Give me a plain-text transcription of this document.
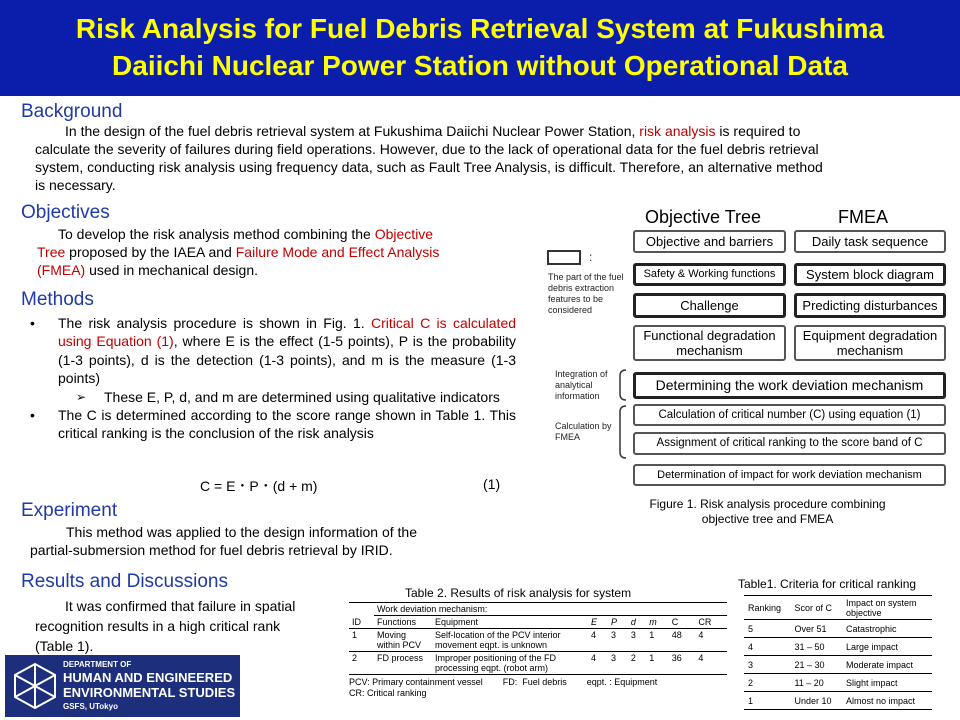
Risk Analysis for Fuel Debris Retrieval System at Fukushima
Daiichi Nuclear Power Station without Operational Data
Background
In the design of the fuel debris retrieval system at Fukushima Daiichi Nuclear Power Station, risk analysis is required to
calculate the severity of failures during field operations. However, due to the lack of operational data for the fuel debris retrieval
system, conducting risk analysis using frequency data, such as Fault Tree Analysis, is difficult. Therefore, an alternative method
is necessary.
Objectives
To develop the risk analysis method combining the Objective
Tree proposed by the IAEA and Failure Mode and Effect Analysis
(FMEA) used in mechanical design.
Methods
• The risk analysis procedure is shown in Fig. 1. Critical C is calculated using Equation (1), where E is the effect (1-5 points), P is the probability (1-3 points), d is the detection (1-3 points), and m is the measure (1-3 points)
➢ These E, P, d, and m are determined using qualitative indicators
• The C is determined according to the score range shown in Table 1. This critical ranking is the conclusion of the risk analysis
C = E・P・(d + m)	(1)
Experiment
This method was applied to the design information of the
partial-submersion method for fuel debris retrieval by IRID.
Results and Discussions
It was confirmed that failure in spatial
recognition results in a high critical rank
(Table 1).
DEPARTMENT OF
HUMAN AND ENGINEERED
ENVIRONMENTAL STUDIES
GSFS, UTokyo
Objective Tree	FMEA
:
The part of the fuel debris extraction features to be considered
Objective and barriers
Safety & Working functions
Challenge
Functional degradation mechanism
Daily task sequence
System block diagram
Predicting disturbances
Equipment degradation mechanism
Integration of analytical information
Calculation by FMEA
Determining the work deviation mechanism
Calculation of critical number (C) using equation (1)
Assignment of critical ranking to the score band of C
Determination of impact for work deviation mechanism
Figure 1. Risk analysis procedure combining
objective tree and FMEA
Table 2. Results of risk analysis for system
	Work deviation mechanism:							
ID	Functions	Equipment	E	P	d	m	C	CR
1	Moving within PCV	Self-location of the PCV interior movement eqpt. is unknown	4	3	3	1	48	4
2	FD process	Improper positioning of the FD processing eqpt. (robot arm)	4	3	2	1	36	4
PCV: Primary containment vessel        FD:  Fuel debris        eqpt. : Equipment
CR: Critical ranking
Table1. Criteria for critical ranking
Ranking	Scor of C	Impact on system objective
5	Over 51	Catastrophic
4	31 – 50	Large impact
3	21 – 30	Moderate impact
2	11 – 20	Slight impact
1	Under 10	Almost no impact
